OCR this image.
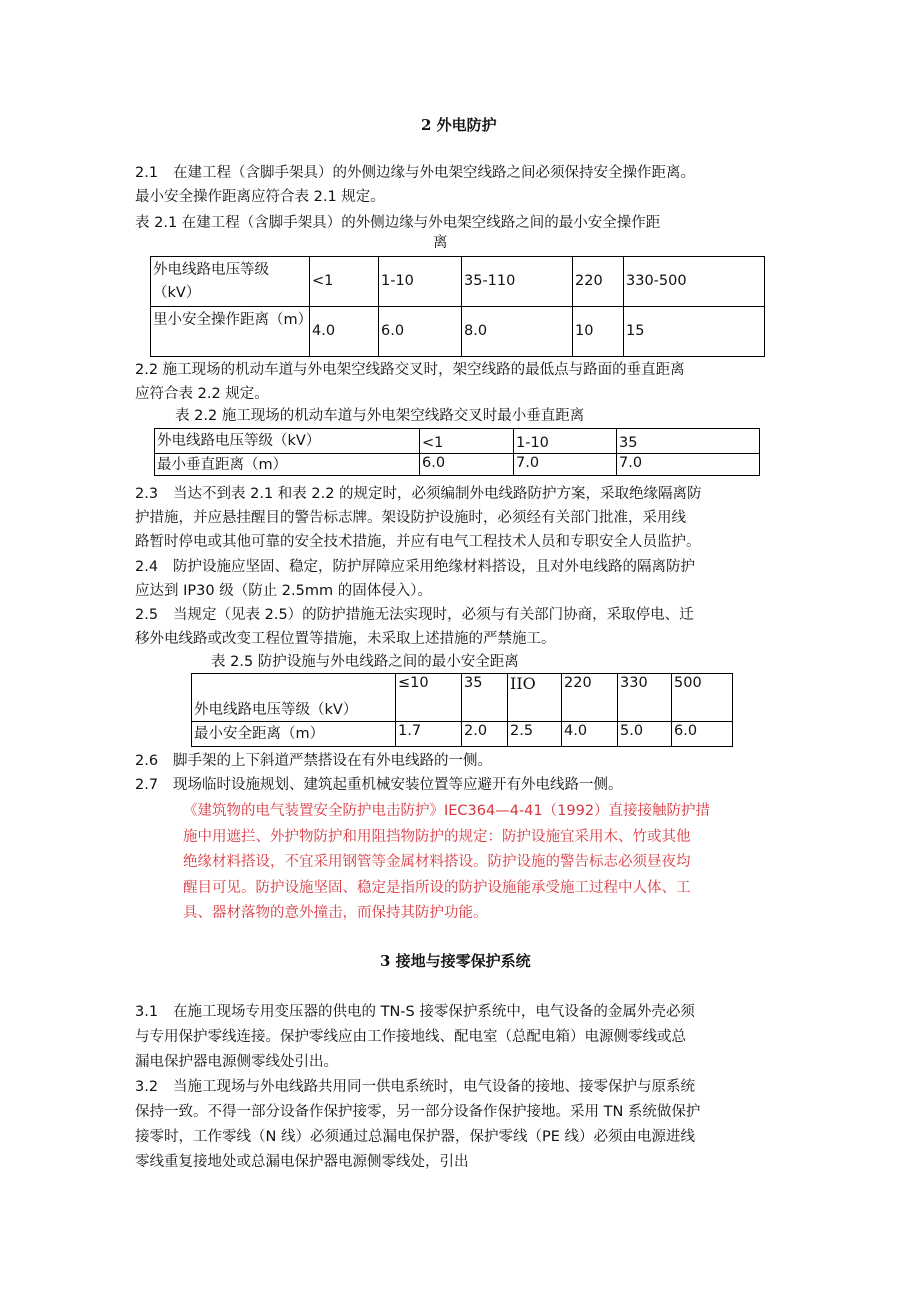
2 外电防护
2.1 在建工程（含脚手架具）的外侧边缘与外电架空线路之间必须保持安全操作距离。
最小安全操作距离应符合表 2.1 规定。
表 2.1 在建工程（含脚手架具）的外侧边缘与外电架空线路之间的最小安全操作距
离
外电线路电压等级（kV）	<1	1-10	35-110	220	330-500
里小安全操作距离（m）	4.0	6.0	8.0	10	15
2.2 施工现场的机动车道与外电架空线路交叉时，架空线路的最低点与路面的垂直距离
应符合表 2.2 规定。
表 2.2 施工现场的机动车道与外电架空线路交叉时最小垂直距离
外电线路电压等级（kV）	<1	1-10	35
最小垂直距离（m）	6.0	7.0	7.0
2.3 当达不到表 2.1 和表 2.2 的规定时，必须编制外电线路防护方案，采取绝缘隔离防
护措施，并应悬挂醒目的警告标志牌。架设防护设施时，必须经有关部门批准，采用线
路暂时停电或其他可靠的安全技术措施，并应有电气工程技术人员和专职安全人员监护。
2.4 防护设施应坚固、稳定，防护屏障应采用绝缘材料搭设，且对外电线路的隔离防护
应达到 IP30 级（防止 2.5mm 的固体侵入）。
2.5 当规定（见表 2.5）的防护措施无法实现时，必须与有关部门协商，采取停电、迁
移外电线路或改变工程位置等措施，未采取上述措施的严禁施工。
表 2.5 防护设施与外电线路之间的最小安全距离
外电线路电压等级（kV）	≤10	35	IIO	220	330	500
最小安全距离（m）	1.7	2.0	2.5	4.0	5.0	6.0
2.6 脚手架的上下斜道严禁搭设在有外电线路的一侧。
2.7 现场临时设施规划、建筑起重机械安装位置等应避开有外电线路一侧。
《建筑物的电气装置安全防护电击防护》IEC364—4-41（1992）直接接触防护措
施中用遮拦、外护物防护和用阻挡物防护的规定：防护设施宜采用木、竹或其他
绝缘材料搭设，不宜采用钢管等金属材料搭设。防护设施的警告标志必须昼夜均
醒目可见。防护设施坚固、稳定是指所设的防护设施能承受施工过程中人体、工
具、器材落物的意外撞击，而保持其防护功能。
3 接地与接零保护系统
3.1 在施工现场专用变压器的供电的 TN-S 接零保护系统中，电气设备的金属外壳必须
与专用保护零线连接。保护零线应由工作接地线、配电室（总配电箱）电源侧零线或总
漏电保护器电源侧零线处引出。
3.2 当施工现场与外电线路共用同一供电系统时，电气设备的接地、接零保护与原系统
保持一致。不得一部分设备作保护接零，另一部分设备作保护接地。采用 TN 系统做保护
接零时，工作零线（N 线）必须通过总漏电保护器，保护零线（PE 线）必须由电源进线
零线重复接地处或总漏电保护器电源侧零线处，引出
